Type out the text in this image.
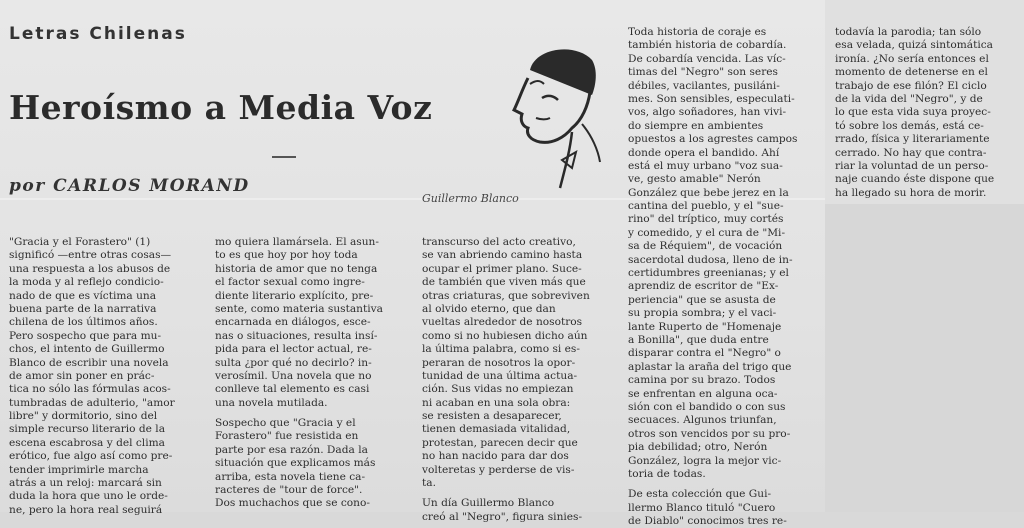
Letras Chilenas
Heroísmo a Media Voz
por CARLOS MORAND
Guillermo Blanco
"Gracia y el Forastero" (1)
significó —entre otras cosas—
una respuesta a los abusos de
la moda y al reflejo condicio-
nado de que es víctima una
buena parte de la narrativa
chilena de los últimos años.
Pero sospecho que para mu-
chos, el intento de Guillermo
Blanco de escribir una novela
de amor sin poner en prác-
tica no sólo las fórmulas acos-
tumbradas de adulterio, "amor
libre" y dormitorio, sino del
simple recurso literario de la
escena escabrosa y del clima
erótico, fue algo así como pre-
tender imprimirle marcha
atrás a un reloj: marcará sin
duda la hora que uno le orde-
ne, pero la hora real seguirá
mo quiera llamársela. El asun-
to es que hoy por hoy toda
historia de amor que no tenga
el factor sexual como ingre-
diente literario explícito, pre-
sente, como materia sustantiva
encarnada en diálogos, esce-
nas o situaciones, resulta insí-
pida para el lector actual, re-
sulta ¿por qué no decirlo? in-
verosímil. Una novela que no
conlleve tal elemento es casi
una novela mutilada.
Sospecho que "Gracia y el
Forastero" fue resistida en
parte por esa razón. Dada la
situación que explicamos más
arriba, esta novela tiene ca-
racteres de "tour de force".
Dos muchachos que se cono-
transcurso del acto creativo,
se van abriendo camino hasta
ocupar el primer plano. Suce-
de también que viven más que
otras criaturas, que sobreviven
al olvido eterno, que dan
vueltas alrededor de nosotros
como si no hubiesen dicho aún
la última palabra, como si es-
peraran de nosotros la opor-
tunidad de una última actua-
ción. Sus vidas no empiezan
ni acaban en una sola obra:
se resisten a desaparecer,
tienen demasiada vitalidad,
protestan, parecen decir que
no han nacido para dar dos
volteretas y perderse de vis-
ta.
Un día Guillermo Blanco
creó al "Negro", figura sinies-
Toda historia de coraje es
también historia de cobardía.
De cobardía vencida. Las víc-
timas del "Negro" son seres
débiles, vacilantes, pusiláni-
mes. Son sensibles, especulati-
vos, algo soñadores, han vivi-
do siempre en ambientes
opuestos a los agrestes campos
donde opera el bandido. Ahí
está el muy urbano "voz sua-
ve, gesto amable" Nerón
González que bebe jerez en la
cantina del pueblo, y el "sue-
rino" del tríptico, muy cortés
y comedido, y el cura de "Mi-
sa de Réquiem", de vocación
sacerdotal dudosa, lleno de in-
certidumbres greenianas; y el
aprendiz de escritor de "Ex-
periencia" que se asusta de
su propia sombra; y el vaci-
lante Ruperto de "Homenaje
a Bonilla", que duda entre
disparar contra el "Negro" o
aplastar la araña del trigo que
camina por su brazo. Todos
se enfrentan en alguna oca-
sión con el bandido o con sus
secuaces. Algunos triunfan,
otros son vencidos por su pro-
pia debilidad; otro, Nerón
González, logra la mejor vic-
toria de todas.
De esta colección que Gui-
llermo Blanco tituló "Cuero
de Diablo" conocimos tres re-
todavía la parodia; tan sólo
esa velada, quizá sintomática
ironía. ¿No sería entonces el
momento de detenerse en el
trabajo de ese filón? El ciclo
de la vida del "Negro", y de
lo que esta vida suya proyec-
tó sobre los demás, está ce-
rrado, física y literariamente
cerrado. No hay que contra-
riar la voluntad de un perso-
naje cuando éste dispone que
ha llegado su hora de morir.
